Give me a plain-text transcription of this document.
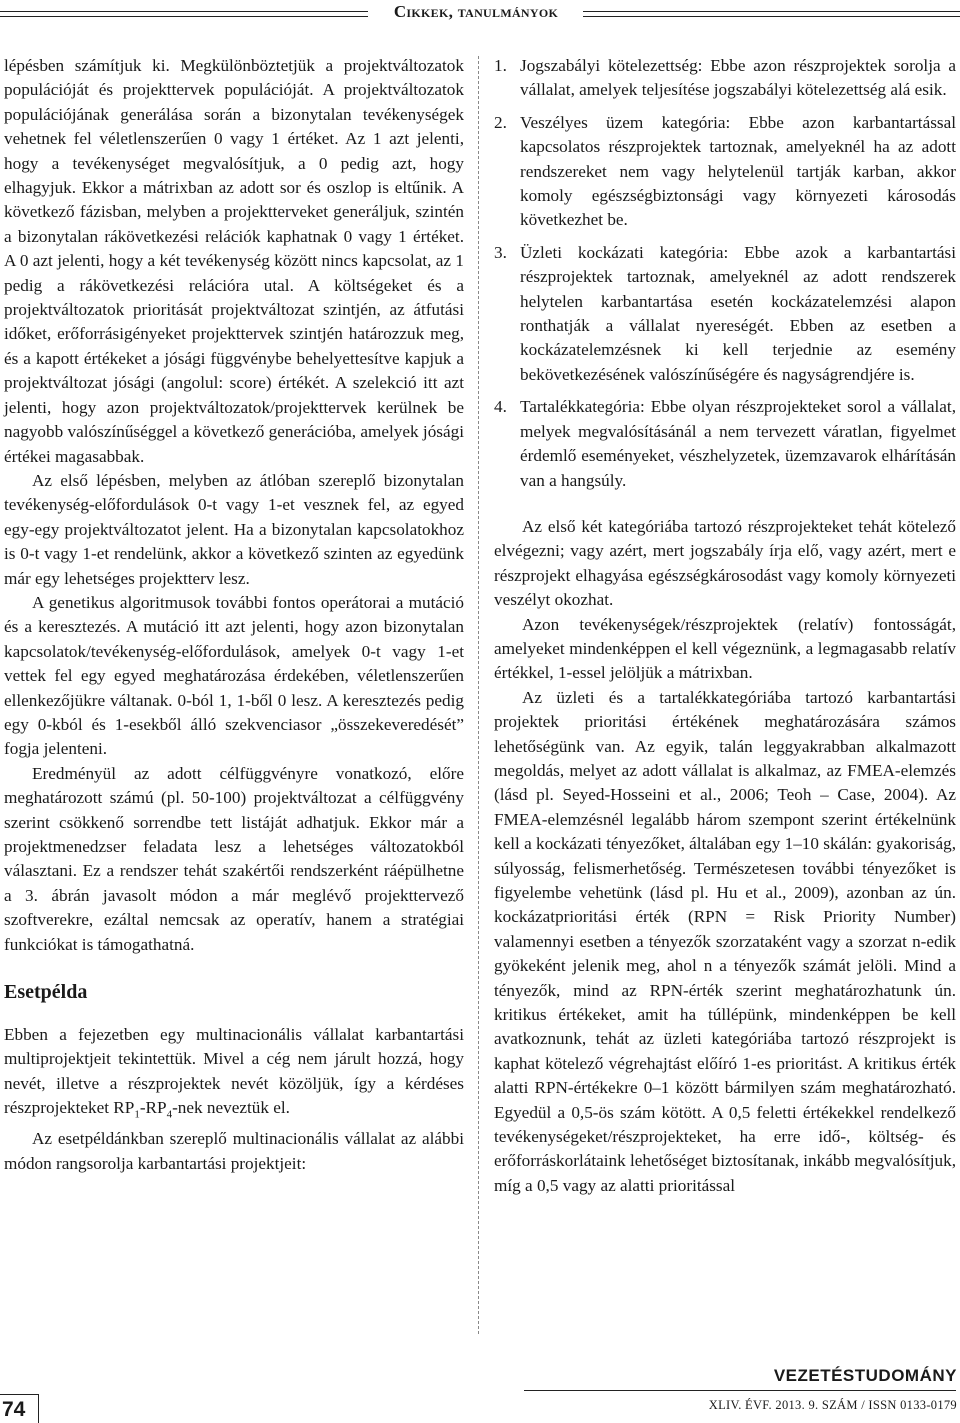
Cikkek, tanulmányok

lépésben számítjuk ki. Megkülönböztetjük a projektváltozatok populációját és projekttervek populációját. A projektváltozatok populációjának generálása során a bizonytalan tevékenységek vehetnek fel véletlenszerűen 0 vagy 1 értéket. Az 1 azt jelenti, hogy a tevékenységet megvalósítjuk, a 0 pedig azt, hogy elhagyjuk. Ekkor a mátrixban az adott sor és oszlop is eltűnik. A következő fázisban, melyben a projektterveket generáljuk, szintén a bizonytalan rákövetkezési relációk kaphatnak 0 vagy 1 értéket. A 0 azt jelenti, hogy a két tevékenység között nincs kapcsolat, az 1 pedig a rákövetkezési relációra utal. A költségeket és a projektváltozatok prioritását projektváltozat szintjén, az átfutási időket, erőforrásigényeket projekttervek szintjén határozzuk meg, és a kapott értékeket a jósági függvénybe behelyettesítve kapjuk a projektváltozat jósági (angolul: score) értékét. A szelekció itt azt jelenti, hogy azon projektváltozatok/projekttervek kerülnek be nagyobb valószínűséggel a következő generációba, amelyek jósági értékei magasabbak.

Az első lépésben, melyben az átlóban szereplő bizonytalan tevékenység-előfordulások 0-t vagy 1-et vesznek fel, az egyed egy-egy projektváltozatot jelent. Ha a bizonytalan kapcsolatokhoz is 0-t vagy 1-et rendelünk, akkor a következő szinten az egyedünk már egy lehetséges projektterv lesz.

A genetikus algoritmusok további fontos operátorai a mutáció és a keresztezés. A mutáció itt azt jelenti, hogy azon bizonytalan kapcsolatok/tevékenység-előfordulások, amelyek 0-t vagy 1-et vettek fel egy egyed meghatározása érdekében, véletlenszerűen ellenkezőjükre váltanak. 0-ból 1, 1-ből 0 lesz. A keresztezés pedig egy 0-kból és 1-esekből álló szekvenciasor „összekeveredését” fogja jelenteni.

Eredményül az adott célfüggvényre vonatkozó, előre meghatározott számú (pl. 50-100) projektváltozat a célfüggvény szerint csökkenő sorrendbe tett listáját adhatjuk. Ekkor már a projektmenedzser feladata lesz a lehetséges változatokból választani. Ez a rendszer tehát szakértői rendszerként ráépülhetne a 3. ábrán javasolt módon a már meglévő projekttervező szoftverekre, ezáltal nemcsak az operatív, hanem a stratégiai funkciókat is támogathatná.

Esetpélda

Ebben a fejezetben egy multinacionális vállalat karbantartási multiprojektjeit tekintettük. Mivel a cég nem járult hozzá, hogy nevét, illetve a részprojektek nevét közöljük, így a kérdéses részprojekteket $RP_1-RP_4$-nek neveztük el.

Az esetpéldánkban szereplő multinacionális vállalat az alábbi módon rangsorolja karbantartási projektjeit:

1. Jogszabályi kötelezettség: Ebbe azon részprojektek sorolja a vállalat, amelyek teljesítése jogszabályi kötelezettség alá esik.
2. Veszélyes üzem kategória: Ebbe azon karbantartással kapcsolatos részprojektek tartoznak, amelyeknél ha az adott rendszereket nem vagy helytelenül tartják karban, akkor komoly egészségbiztonsági vagy környezeti károsodás következhet be.
3. Üzleti kockázati kategória: Ebbe azok a karbantartási részprojektek tartoznak, amelyeknél az adott rendszerek helytelen karbantartása esetén kockázatelemzési alapon ronthatják a vállalat nyereségét. Ebben az esetben a kockázatelemzésnek ki kell terjednie az esemény bekövetkezésének valószínűségére és nagyságrendjére is.
4. Tartalékkategória: Ebbe olyan részprojekteket sorol a vállalat, melyek megvalósításánál a nem tervezett váratlan, figyelmet érdemlő eseményeket, vészhelyzetek, üzemzavarok elhárításán van a hangsúly.

Az első két kategóriába tartozó részprojekteket tehát kötelező elvégezni; vagy azért, mert jogszabály írja elő, vagy azért, mert e részprojekt elhagyása egészségkárosodást vagy komoly környezeti veszélyt okozhat.

Azon tevékenységek/részprojektek (relatív) fontosságát, amelyeket mindenképpen el kell végeznünk, a legmagasabb relatív értékkel, 1-essel jelöljük a mátrixban.

Az üzleti és a tartalékkategóriába tartozó karbantartási projektek prioritási értékének meghatározására számos lehetőségünk van. Az egyik, talán leggyakrabban alkalmazott megoldás, melyet az adott vállalat is alkalmaz, az FMEA-elemzés (lásd pl. Seyed-Hosseini et al., 2006; Teoh – Case, 2004). Az FMEA-elemzésnél legalább három szempont szerint értékelnünk kell a kockázati tényezőket, általában egy 1–10 skálán: gyakoriság, súlyosság, felismerhetőség. Természetesen további tényezőket is figyelembe vehetünk (lásd pl. Hu et al., 2009), azonban az ún. kockázatprioritási érték (RPN = Risk Priority Number) valamennyi esetben a tényezők szorzataként vagy a szorzat n-edik gyökeként jelenik meg, ahol n a tényezők számát jelöli. Mind a tényezők, mind az RPN-érték szerint meghatározhatunk ún. kritikus értékeket, amit ha túllépünk, mindenképpen be kell avatkoznunk, tehát az üzleti kategóriába tartozó részprojekt is kaphat kötelező végrehajtást előíró 1-es prioritást. A kritikus érték alatti RPN-értékekre 0–1 között bármilyen szám meghatározható. Egyedül a 0,5-ös szám kötött. A 0,5 feletti értékekkel rendelkező tevékenységeket/részprojekteket, ha erre idő-, költség- és erőforráskorlátaink lehetőséget biztosítanak, inkább megvalósítjuk, míg a 0,5 vagy az alatti prioritással

VEZETÉSTUDOMÁNY
XLIV. ÉVF. 2013. 9. SZÁM / ISSN 0133-0179
74
